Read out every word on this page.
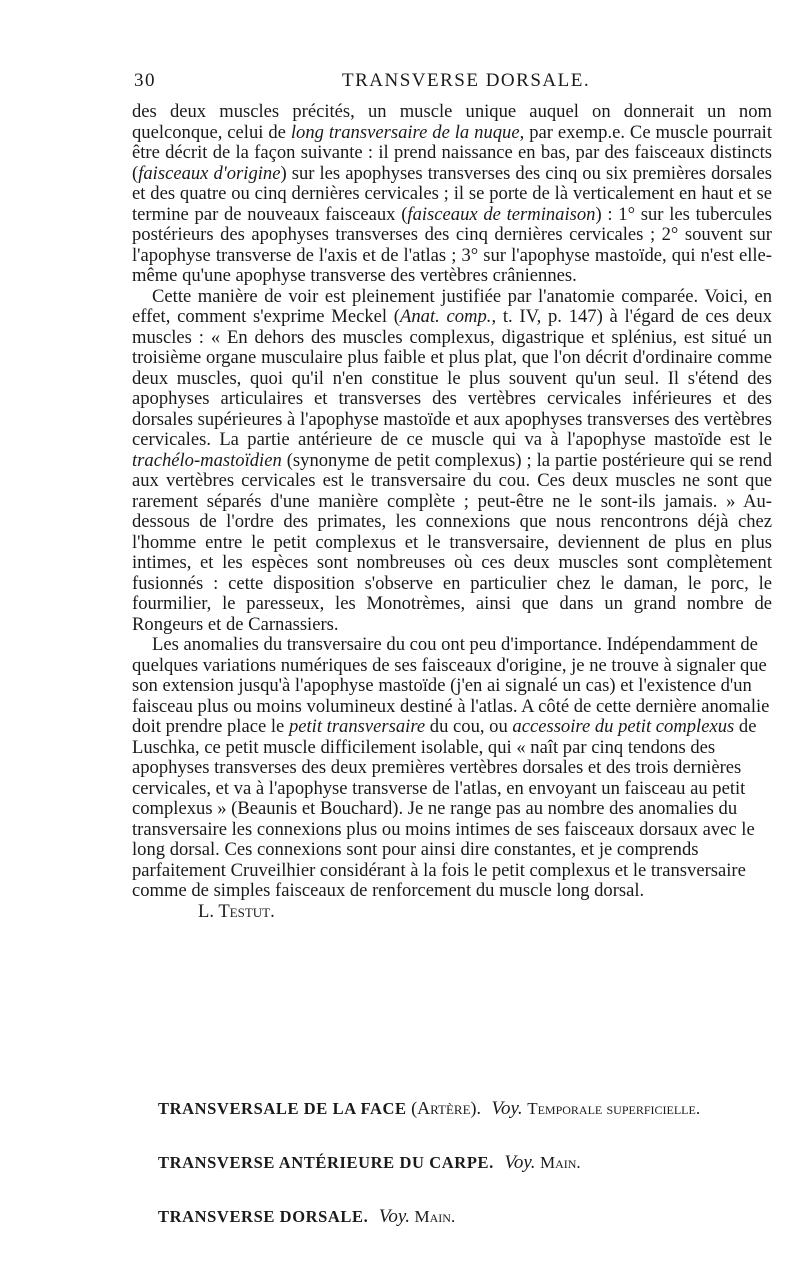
30	TRANSVERSE DORSALE.

des deux muscles précités, un muscle unique auquel on donnerait un nom quelconque, celui de long transversaire de la nuque, par exemp.e. Ce muscle pourrait être décrit de la façon suivante : il prend naissance en bas, par des faisceaux distincts (faisceaux d'origine) sur les apophyses transverses des cinq ou six premières dorsales et des quatre ou cinq dernières cervicales ; il se porte de là verticalement en haut et se termine par de nouveaux faisceaux (faisceaux de terminaison) : 1° sur les tubercules postérieurs des apophyses transverses des cinq dernières cervicales ; 2° souvent sur l'apophyse transverse de l'axis et de l'atlas ; 3° sur l'apophyse mastoïde, qui n'est elle-même qu'une apophyse transverse des vertèbres crâniennes.

Cette manière de voir est pleinement justifiée par l'anatomie comparée. Voici, en effet, comment s'exprime Meckel (Anat. comp., t. IV, p. 147) à l'égard de ces deux muscles : « En dehors des muscles complexus, digastrique et splénius, est situé un troisième organe musculaire plus faible et plus plat, que l'on décrit d'ordinaire comme deux muscles, quoi qu'il n'en constitue le plus souvent qu'un seul. Il s'étend des apophyses articulaires et transverses des vertèbres cervicales inférieures et des dorsales supérieures à l'apophyse mastoïde et aux apophyses transverses des vertèbres cervicales. La partie antérieure de ce muscle qui va à l'apophyse mastoïde est le trachélo-mastoïdien (synonyme de petit complexus) ; la partie postérieure qui se rend aux vertèbres cervicales est le transversaire du cou. Ces deux muscles ne sont que rarement séparés d'une manière complète ; peut-être ne le sont-ils jamais. » Au-dessous de l'ordre des primates, les connexions que nous rencontrons déjà chez l'homme entre le petit complexus et le transversaire, deviennent de plus en plus intimes, et les espèces sont nombreuses où ces deux muscles sont complètement fusionnés : cette disposition s'observe en particulier chez le daman, le porc, le fourmilier, le paresseux, les Monotrèmes, ainsi que dans un grand nombre de Rongeurs et de Carnassiers.

Les anomalies du transversaire du cou ont peu d'importance. Indépendamment de quelques variations numériques de ses faisceaux d'origine, je ne trouve à signaler que son extension jusqu'à l'apophyse mastoïde (j'en ai signalé un cas) et l'existence d'un faisceau plus ou moins volumineux destiné à l'atlas. A côté de cette dernière anomalie doit prendre place le petit transversaire du cou, ou accessoire du petit complexus de Luschka, ce petit muscle difficilement isolable, qui « naît par cinq tendons des apophyses transverses des deux premières vertèbres dorsales et des trois dernières cervicales, et va à l'apophyse transverse de l'atlas, en envoyant un faisceau au petit complexus » (Beaunis et Bouchard). Je ne range pas au nombre des anomalies du transversaire les connexions plus ou moins intimes de ses faisceaux dorsaux avec le long dorsal. Ces connexions sont pour ainsi dire constantes, et je comprends parfaitement Cruveilhier considérant à la fois le petit complexus et le transversaire comme de simples faisceaux de renforcement du muscle long dorsal.L. Testut.

TRANSVERSALE DE LA FACE (Artère). Voy. Temporale superficielle.
TRANSVERSE ANTÉRIEURE DU CARPE. Voy. Main.
TRANSVERSE DORSALE. Voy. Main.
